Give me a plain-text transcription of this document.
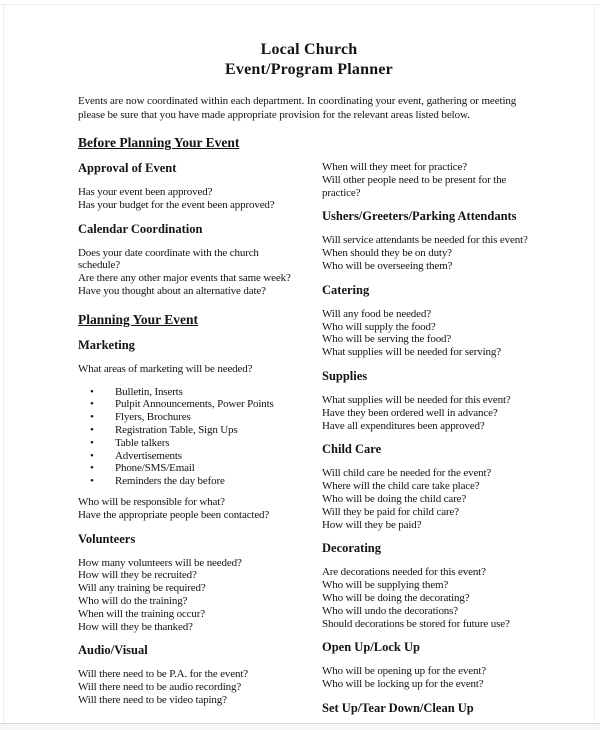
Local Church
Event/Program Planner
Events are now coordinated within each department. In coordinating your event, gathering or meeting please be sure that you have made appropriate provision for the relevant areas listed below.
Before Planning Your Event
Approval of Event
Has your event been approved?
Has your budget for the event been approved?
Calendar Coordination
Does your date coordinate with the church schedule?
Are there any other major events that same week?
Have you thought about an alternative date?
Planning Your Event
Marketing
What areas of marketing will be needed?
• Bulletin, Inserts
• Pulpit Announcements, Power Points
• Flyers, Brochures
• Registration Table, Sign Ups
• Table talkers
• Advertisements
• Phone/SMS/Email
• Reminders the day before
Who will be responsible for what?
Have the appropriate people been contacted?
Volunteers
How many volunteers will be needed?
How will they be recruited?
Will any training be required?
Who will do the training?
When will the training occur?
How will they be thanked?
Audio/Visual
Will there need to be P.A. for the event?
Will there need to be audio recording?
Will there need to be video taping?
When will they meet for practice?
Will other people need to be present for the practice?
Ushers/Greeters/Parking Attendants
Will service attendants be needed for this event?
When should they be on duty?
Who will be overseeing them?
Catering
Will any food be needed?
Who will supply the food?
Who will be serving the food?
What supplies will be needed for serving?
Supplies
What supplies will be needed for this event?
Have they been ordered well in advance?
Have all expenditures been approved?
Child Care
Will child care be needed for the event?
Where will the child care take place?
Who will be doing the child care?
Will they be paid for child care?
How will they be paid?
Decorating
Are decorations needed for this event?
Who will be supplying them?
Who will be doing the decorating?
Who will undo the decorations?
Should decorations be stored for future use?
Open Up/Lock Up
Who will be opening up for the event?
Who will be locking up for the event?
Set Up/Tear Down/Clean Up
